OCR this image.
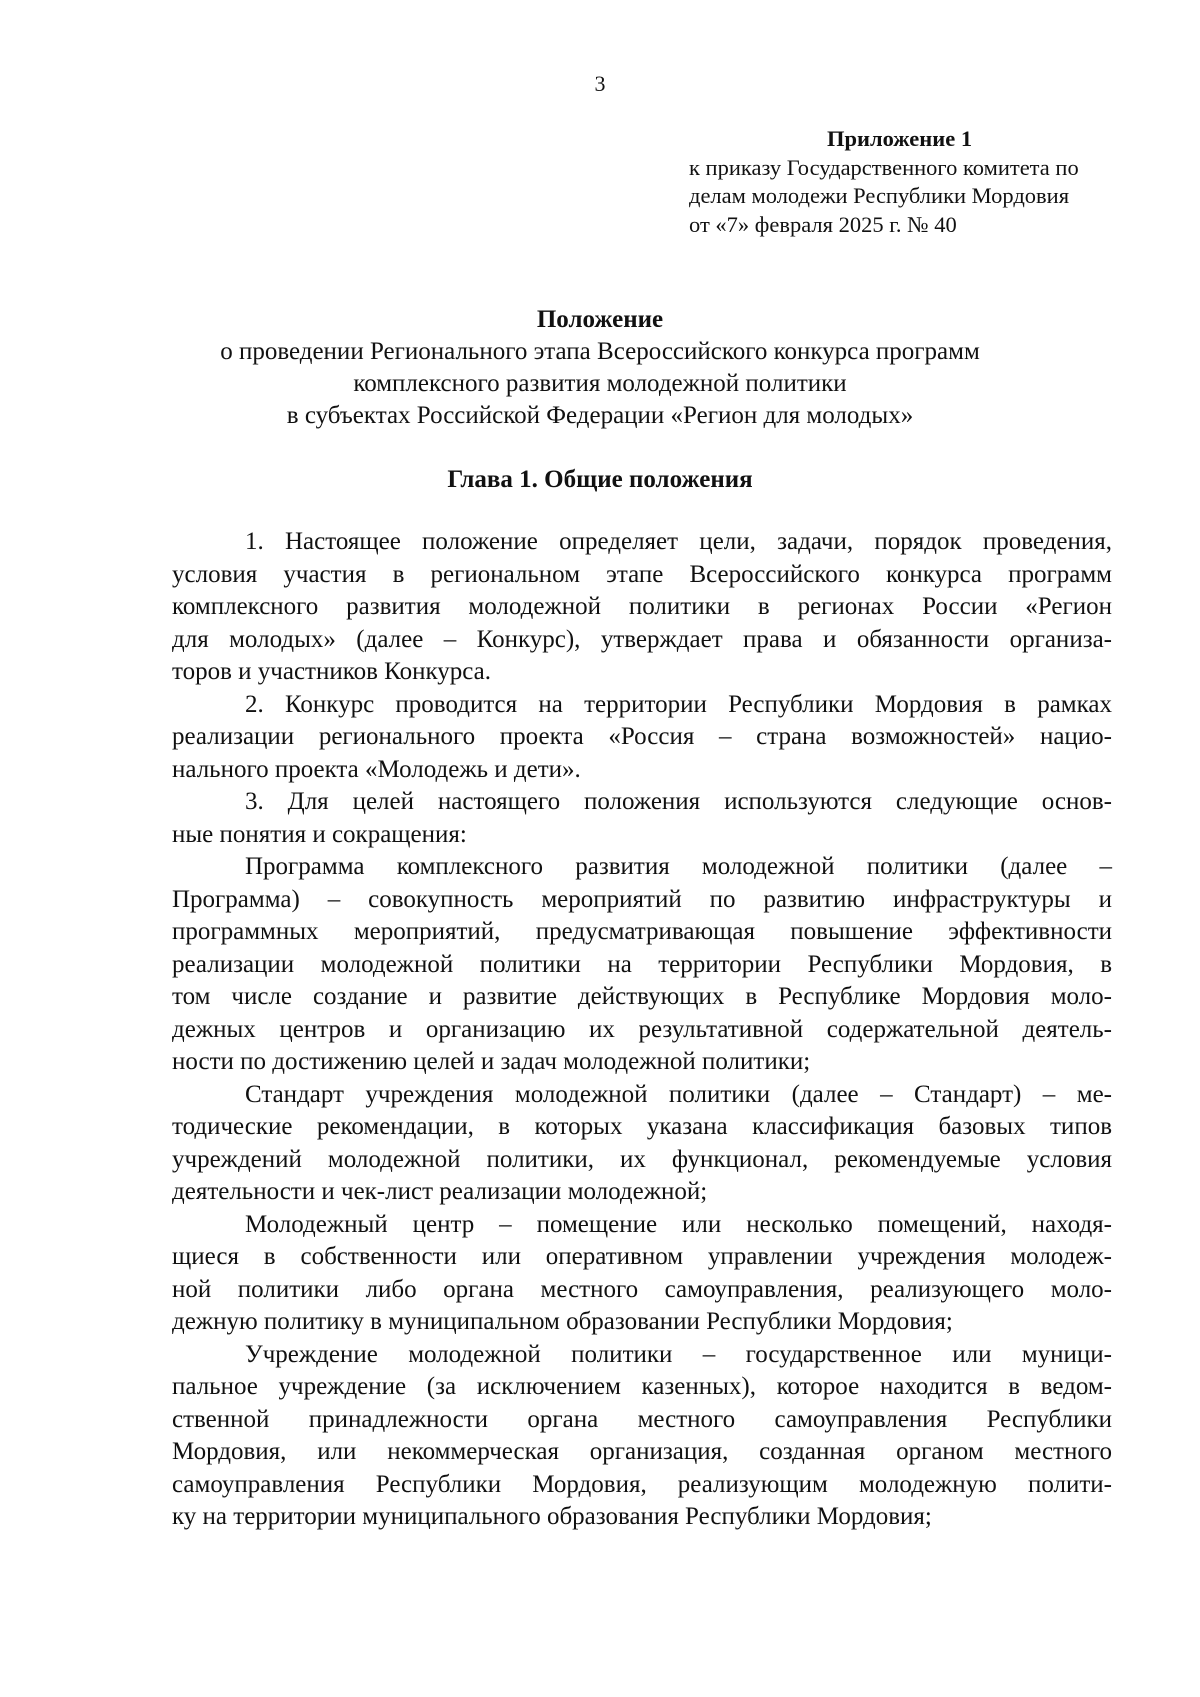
3
Приложение 1
к приказу Государственного комитета по
делам молодежи Республики Мордовия
от «7» февраля 2025 г. № 40
Положение
о проведении Регионального этапа Всероссийского конкурса программ
комплексного развития молодежной политики
в субъектах Российской Федерации «Регион для молодых»
Глава 1. Общие положения
1. Настоящее положение определяет цели, задачи, порядок проведения,
условия участия в региональном этапе Всероссийского конкурса программ
комплексного развития молодежной политики в регионах России «Регион
для молодых» (далее – Конкурс), утверждает права и обязанности организа-
торов и участников Конкурса.
2. Конкурс проводится на территории Республики Мордовия в рамках
реализации регионального проекта «Россия – страна возможностей» нацио-
нального проекта «Молодежь и дети».
3. Для целей настоящего положения используются следующие основ-
ные понятия и сокращения:
Программа комплексного развития молодежной политики (далее –
Программа) – совокупность мероприятий по развитию инфраструктуры и
программных мероприятий, предусматривающая повышение эффективности
реализации молодежной политики на территории Республики Мордовия, в
том числе создание и развитие действующих в Республике Мордовия моло-
дежных центров и организацию их результативной содержательной деятель-
ности по достижению целей и задач молодежной политики;
Стандарт учреждения молодежной политики (далее – Стандарт) – ме-
тодические рекомендации, в которых указана классификация базовых типов
учреждений молодежной политики, их функционал, рекомендуемые условия
деятельности и чек-лист реализации молодежной;
Молодежный центр – помещение или несколько помещений, находя-
щиеся в собственности или оперативном управлении учреждения молодеж-
ной политики либо органа местного самоуправления, реализующего моло-
дежную политику в муниципальном образовании Республики Мордовия;
Учреждение молодежной политики – государственное или муници-
пальное учреждение (за исключением казенных), которое находится в ведом-
ственной принадлежности органа местного самоуправления Республики
Мордовия, или некоммерческая организация, созданная органом местного
самоуправления Республики Мордовия, реализующим молодежную полити-
ку на территории муниципального образования Республики Мордовия;
